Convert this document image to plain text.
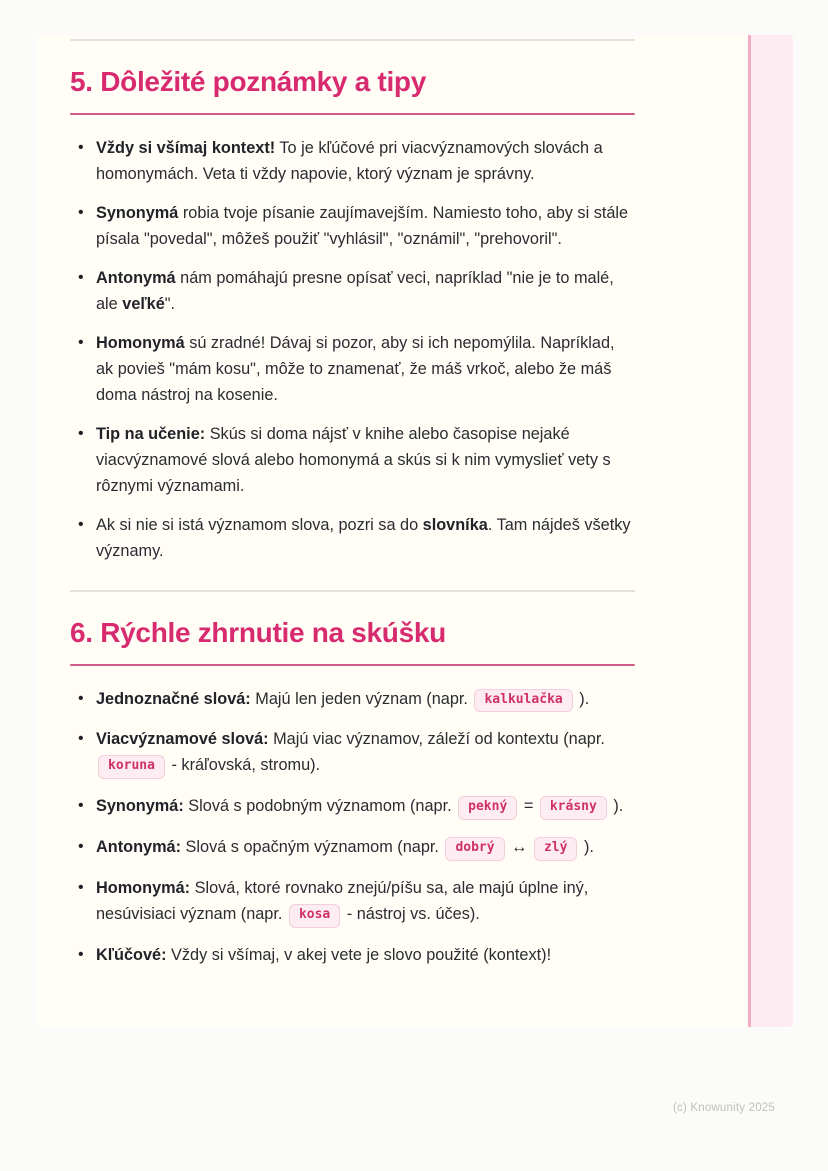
5. Dôležité poznámky a tipy
• Vždy si všímaj kontext! To je kľúčové pri viacvýznamových slovách a homonymách. Veta ti vždy napovie, ktorý význam je správny.
• Synonymá robia tvoje písanie zaujímavejším. Namiesto toho, aby si stále písala "povedal", môžeš použiť "vyhlásil", "oznámil", "prehovoril".
• Antonymá nám pomáhajú presne opísať veci, napríklad "nie je to malé, ale veľké".
• Homonymá sú zradné! Dávaj si pozor, aby si ich nepomýlila. Napríklad, ak povieš "mám kosu", môže to znamenať, že máš vrkoč, alebo že máš doma nástroj na kosenie.
• Tip na učenie: Skús si doma nájsť v knihe alebo časopise nejaké viacvýznamové slová alebo homonymá a skús si k nim vymyslieť vety s rôznymi významami.
• Ak si nie si istá významom slova, pozri sa do slovníka. Tam nájdeš všetky významy.
6. Rýchle zhrnutie na skúšku
• Jednoznačné slová: Majú len jeden význam (napr. kalkulačka ).
• Viacvýznamové slová: Majú viac významov, záleží od kontextu (napr. koruna - kráľovská, stromu).
• Synonymá: Slová s podobným významom (napr. pekný = krásny ).
• Antonymá: Slová s opačným významom (napr. dobrý ↔ zlý ).
• Homonymá: Slová, ktoré rovnako znejú/píšu sa, ale majú úplne iný, nesúvisiaci význam (napr. kosa - nástroj vs. účes).
• Kľúčové: Vždy si všímaj, v akej vete je slovo použité (kontext)!
(c) Knowunity 2025
